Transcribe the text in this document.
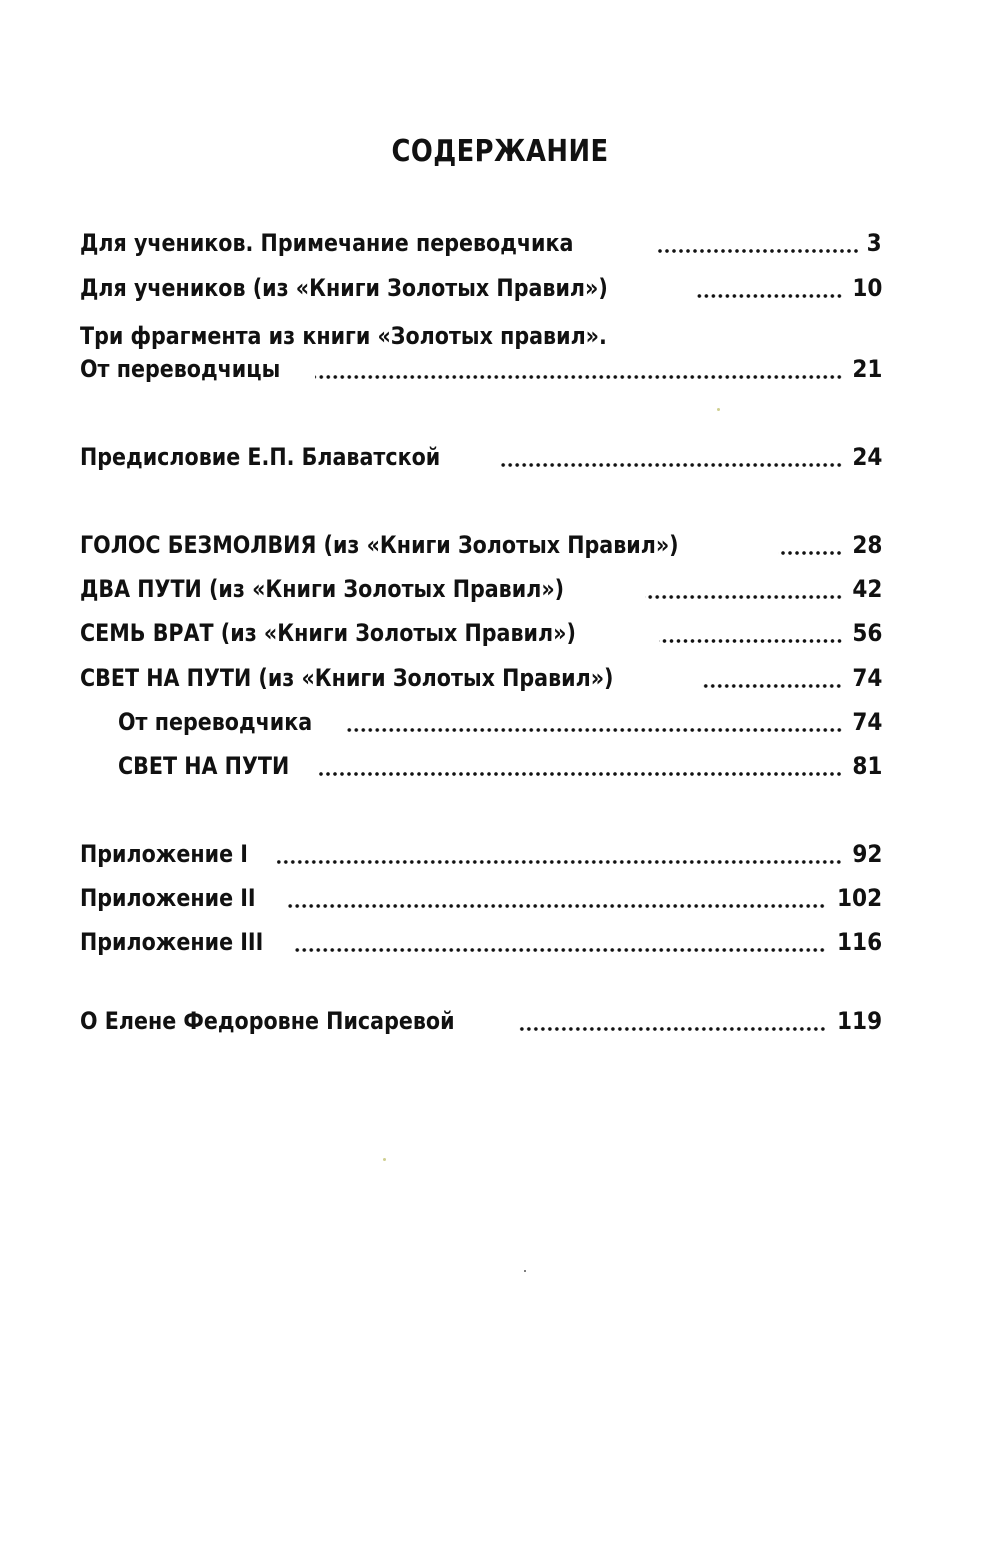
СОДЕРЖАНИЕ
Для учеников. Примечание переводчика	3
Для учеников (из «Книги Золотых Правил»)	10
Три фрагмента из книги «Золотых правил».
От переводчицы	21
Предисловие Е.П. Блаватской	24
ГОЛОС БЕЗМОЛВИЯ (из «Книги Золотых Правил»)	28
ДВА ПУТИ (из «Книги Золотых Правил»)	42
СЕМЬ ВРАТ (из «Книги Золотых Правил»)	56
СВЕТ НА ПУТИ (из «Книги Золотых Правил»)	74
От переводчика	74
СВЕТ НА ПУТИ	81
Приложение I	92
Приложение II	102
Приложение III	116
О Елене Федоровне Писаревой	119
